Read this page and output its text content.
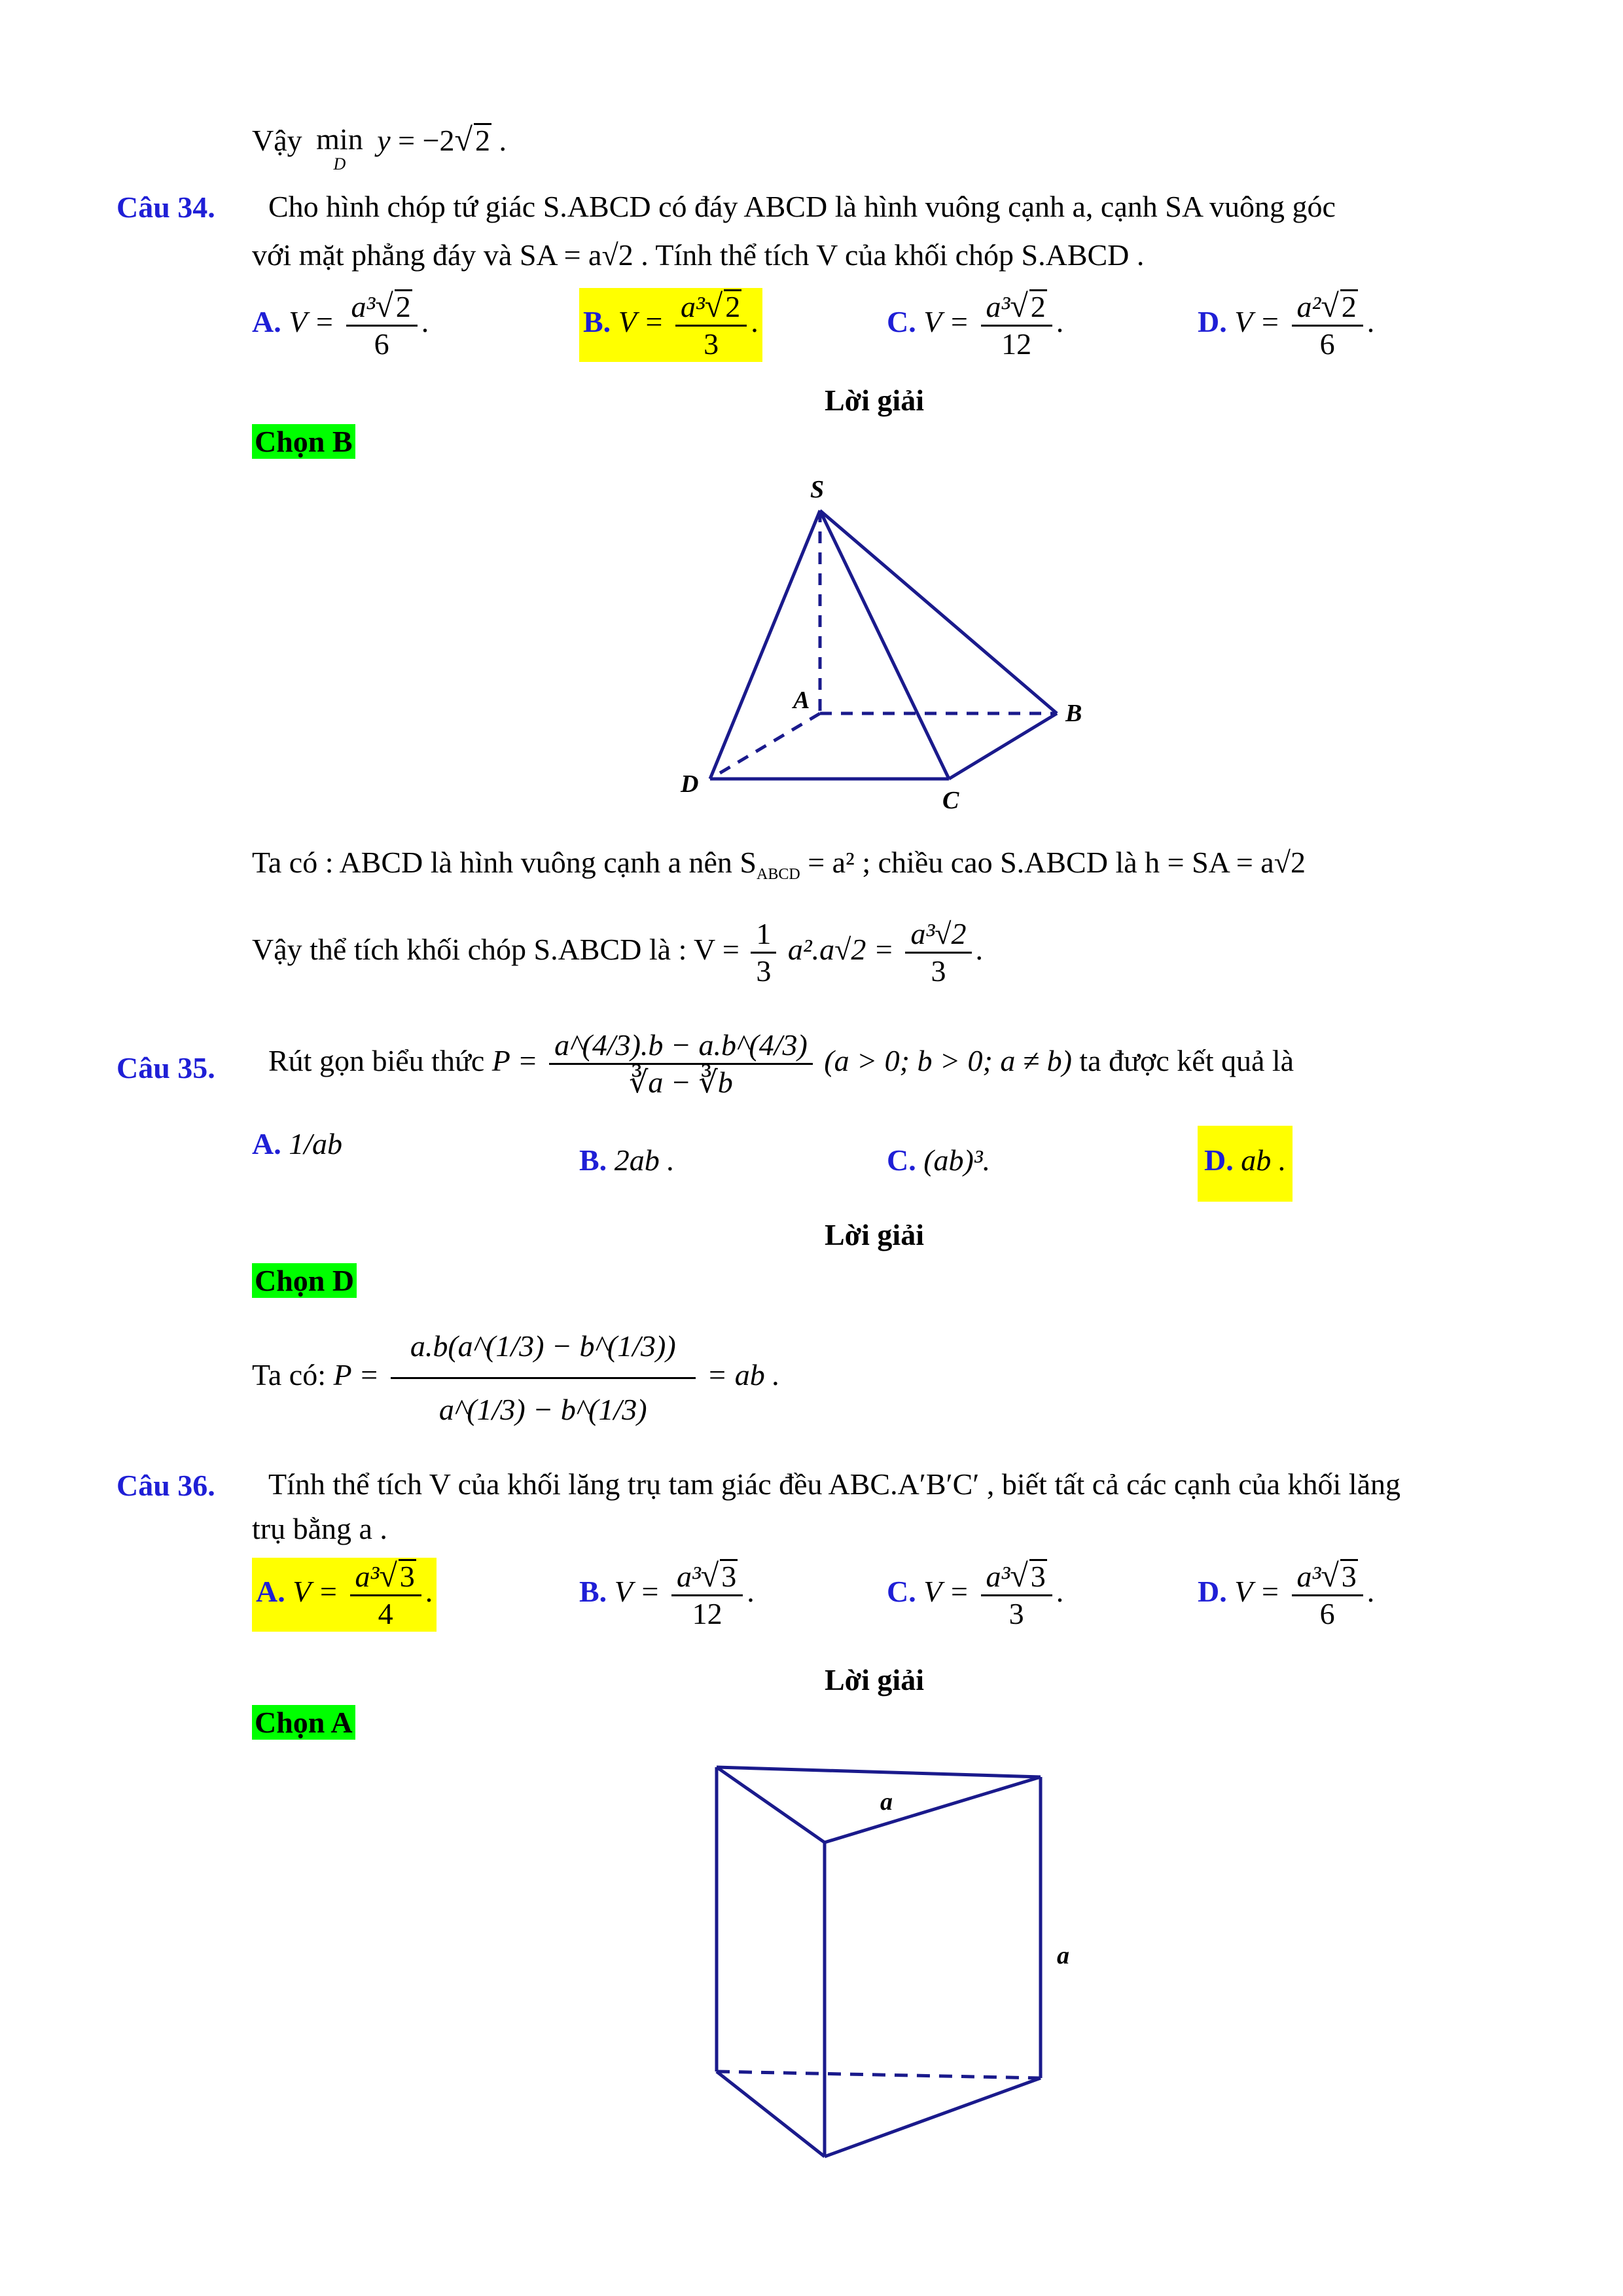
Vậy min
D
y = −2√2 .
Câu 34. Cho hình chóp tứ giác S.ABCD có đáy ABCD là hình vuông cạnh a, cạnh SA vuông góc
với mặt phẳng đáy và SA = a√2 . Tính thể tích V của khối chóp S.ABCD .
A. $V = \frac{\text{a³√2}}{6}$ .	B. $V = \frac{\text{a³√2}}{3}$ .	C. $V = \frac{\text{a³√2}}{12}$ .	D. $V = \frac{\text{a²√2}}{6}$ .
Lời giải
Chọn B
S
A	B
C
D
Ta có : ABCD là hình vuông cạnh a nên $S_{ABCD} = a^2$ ; chiều cao S.ABCD là h = SA = a√2
Vậy thể tích khối chóp S.ABCD là : $V = \frac{1}{3} a^2.a√2 = \frac{\text{a³√2}}{3}$ .
Câu 35. Rút gọn biểu thức $P = \frac{a\^{}(4/3).b - a.b\^{}(4/3)}{∛a - ∛b} (a > 0$; b > 0; a ≠ b) ta được kết quả là
A. 1/ab	B. 2ab .	C. (ab)³.	D. ab .
Lời giải
Chọn D
Ta có: $P = \frac{a.b(a\^{}(1/3) - b\^{}(1/3))}{a\^{}(1/3) - b\^{}(1/3)}$ = ab .
Câu 36. Tính thể tích V của khối lăng trụ tam giác đều ABC.A′B′C′ , biết tất cả các cạnh của khối lăng
trụ bằng a .
A. $V = \frac{\text{a³√3}}{4}$ .	B. $V = \frac{\text{a³√3}}{12}$ .	C. $V = \frac{\text{a³√3}}{3}$ .	D. $V = \frac{\text{a³√3}}{6}$ .
Lời giải
Chọn A
a
a
